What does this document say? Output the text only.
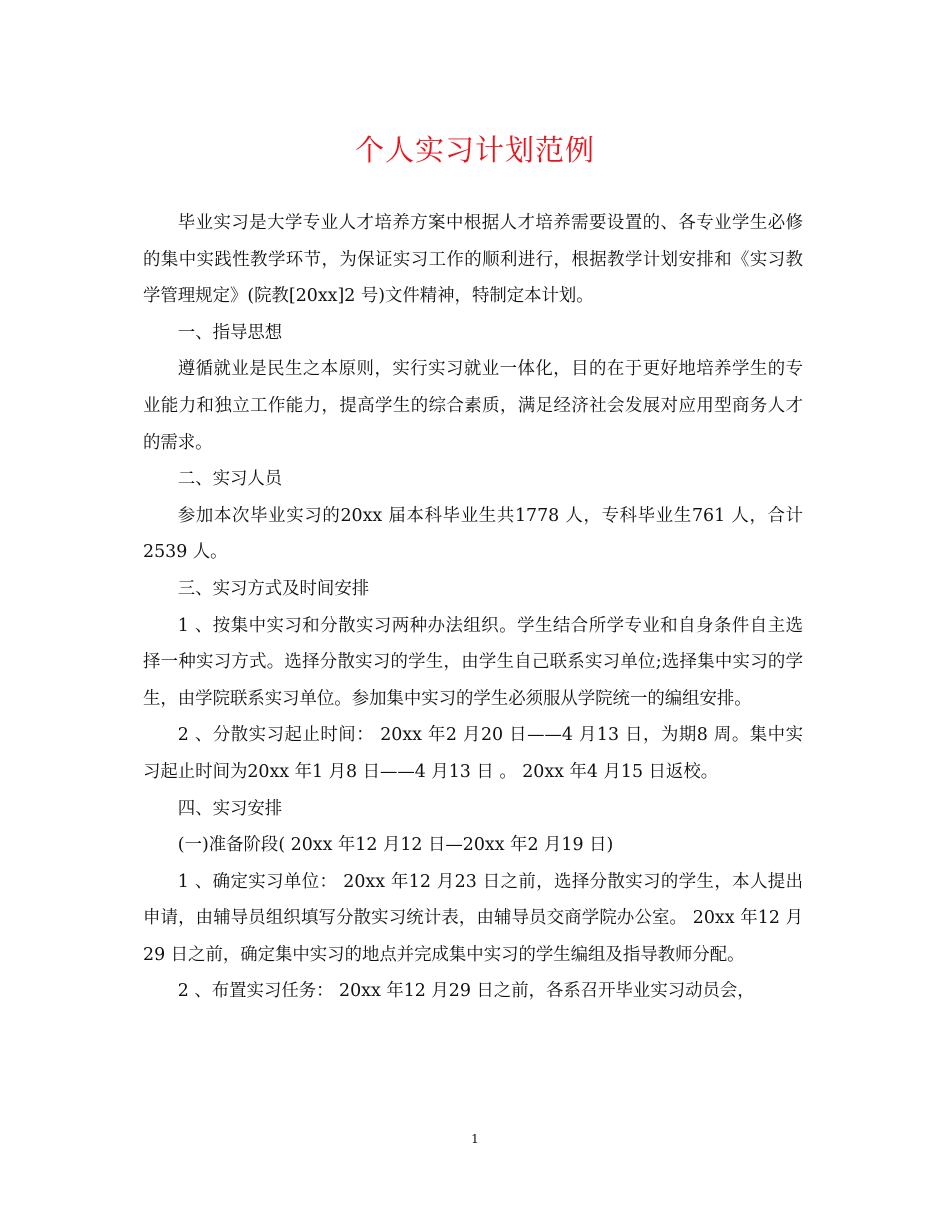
个人实习计划范例

毕业实习是大学专业人才培养方案中根据人才培养需要设置的、各专业学生必修的集中实践性教学环节，为保证实习工作的顺利进行，根据教学计划安排和《实习教学管理规定》(院教[20xx]2 号)文件精神，特制定本计划。

一、指导思想

遵循就业是民生之本原则，实行实习就业一体化，目的在于更好地培养学生的专业能力和独立工作能力，提高学生的综合素质，满足经济社会发展对应用型商务人才的需求。

二、实习人员

参加本次毕业实习的20xx 届本科毕业生共1778 人，专科毕业生761 人，合计2539 人。

三、实习方式及时间安排

1 、按集中实习和分散实习两种办法组织。学生结合所学专业和自身条件自主选择一种实习方式。选择分散实习的学生，由学生自己联系实习单位;选择集中实习的学生，由学院联系实习单位。参加集中实习的学生必须服从学院统一的编组安排。

2 、分散实习起止时间： 20xx 年2 月20 日——4 月13 日，为期8 周。集中实习起止时间为20xx 年1 月8 日——4 月13 日 。 20xx 年4 月15 日返校。

四、实习安排

(一)准备阶段( 20xx 年12 月12 日—20xx 年2 月19 日)

1 、确定实习单位： 20xx 年12 月23 日之前，选择分散实习的学生，本人提出申请，由辅导员组织填写分散实习统计表，由辅导员交商学院办公室。 20xx 年12 月29 日之前，确定集中实习的地点并完成集中实习的学生编组及指导教师分配。

2 、布置实习任务： 20xx 年12 月29 日之前，各系召开毕业实习动员会，

1
